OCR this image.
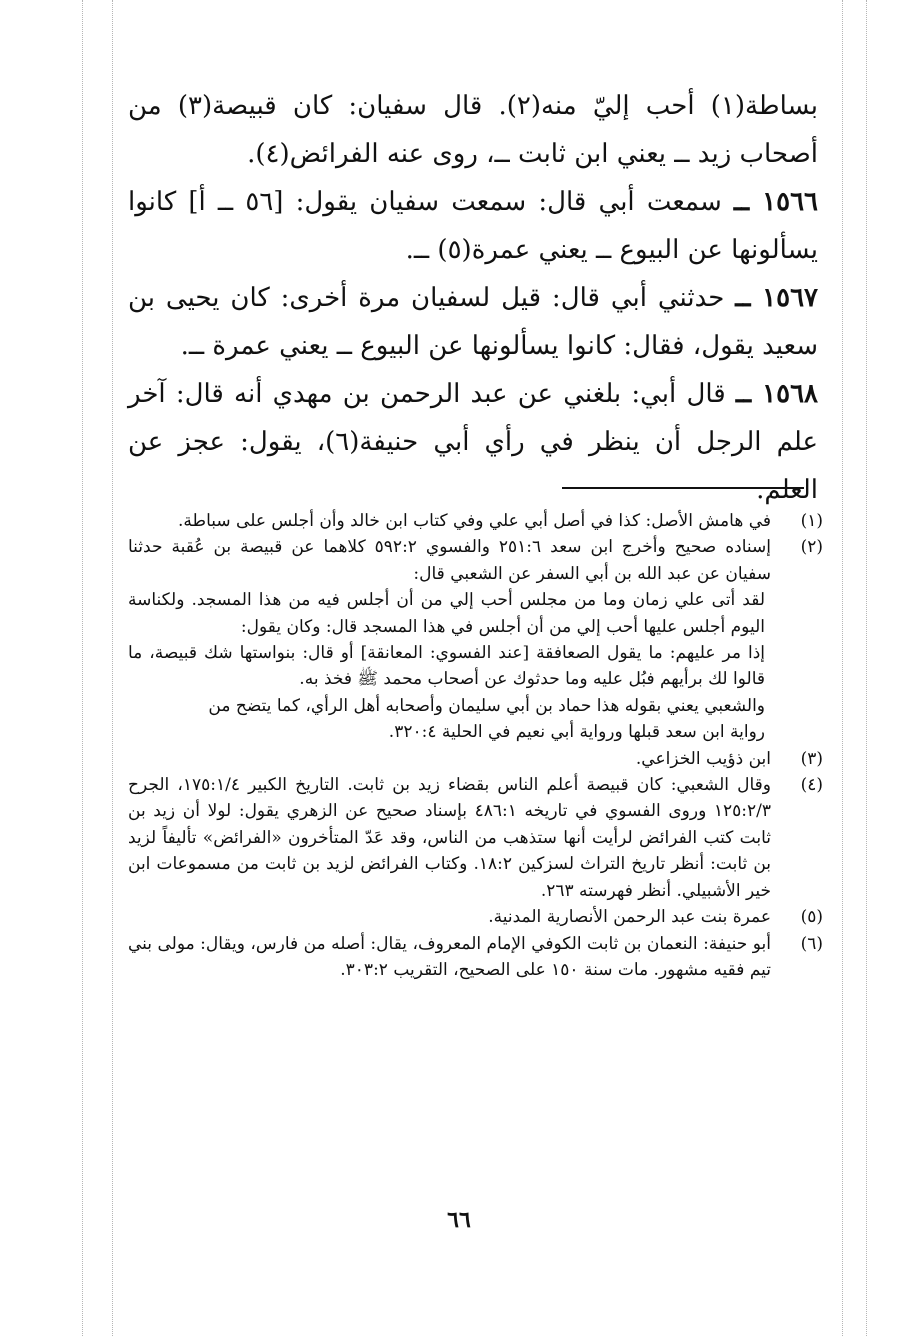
بساطة(١) أحب إليّ منه(٢). قال سفيان: كان قبيصة(٣) من أصحاب زيد ــ يعني ابن ثابت ــ، روى عنه الفرائض(٤).

١٥٦٦ ــ سمعت أبي قال: سمعت سفيان يقول: [٥٦ ــ أ] كانوا يسألونها عن البيوع ــ يعني عمرة(٥) ــ.

١٥٦٧ ــ حدثني أبي قال: قيل لسفيان مرة أخرى: كان يحيى بن سعيد يقول، فقال: كانوا يسألونها عن البيوع ــ يعني عمرة ــ.

١٥٦٨ ــ قال أبي: بلغني عن عبد الرحمن بن مهدي أنه قال: آخر علم الرجل أن ينظر في رأي أبي حنيفة(٦)، يقول: عجز عن العلم.

(١)
في هامش الأصل: كذا في أصل أبي علي وفي كتاب ابن خالد وأن أجلس على سباطة.
(٢)
إسناده صحيح وأخرج ابن سعد ٢٥١:٦ والفسوي ٥٩٢:٢ كلاهما عن قبيصة بن عُقبة حدثنا سفيان عن عبد الله بن أبي السفر عن الشعبي قال:
لقد أتى علي زمان وما من مجلس أحب إلي من أن أجلس فيه من هذا المسجد. ولكناسة اليوم أجلس عليها أحب إلي من أن أجلس في هذا المسجد قال: وكان يقول:
إذا مر عليهم: ما يقول الصعافقة [عند الفسوي: المعانقة] أو قال: بنواستها شك قبيصة، ما قالوا لك برأيهم فبُل عليه وما حدثوك عن أصحاب محمد ﷺ فخذ به.
والشعبي يعني بقوله هذا حماد بن أبي سليمان وأصحابه أهل الرأي، كما يتضح من
رواية ابن سعد قبلها ورواية أبي نعيم في الحلية ٣٢٠:٤.
(٣)
ابن ذؤيب الخزاعي.
(٤)
وقال الشعبي: كان قبيصة أعلم الناس بقضاء زيد بن ثابت. التاريخ الكبير ١٧٥:١/٤، الجرح ١٢٥:٢/٣ وروى الفسوي في تاريخه ٤٨٦:١ بإسناد صحيح عن الزهري يقول: لولا أن زيد بن ثابت كتب الفرائض لرأيت أنها ستذهب من الناس، وقد عَدّ المتأخرون «الفرائض» تأليفاً لزيد بن ثابت: أنظر تاريخ التراث لسزكين ١٨:٢. وكتاب الفرائض لزيد بن ثابت من مسموعات ابن خير الأشبيلي. أنظر فهرسته ٢٦٣.
(٥)
عمرة بنت عبد الرحمن الأنصارية المدنية.
(٦)
أبو حنيفة: النعمان بن ثابت الكوفي الإمام المعروف، يقال: أصله من فارس، ويقال: مولى بني تيم فقيه مشهور. مات سنة ١٥٠ على الصحيح، التقريب ٣٠٣:٢.
٦٦
